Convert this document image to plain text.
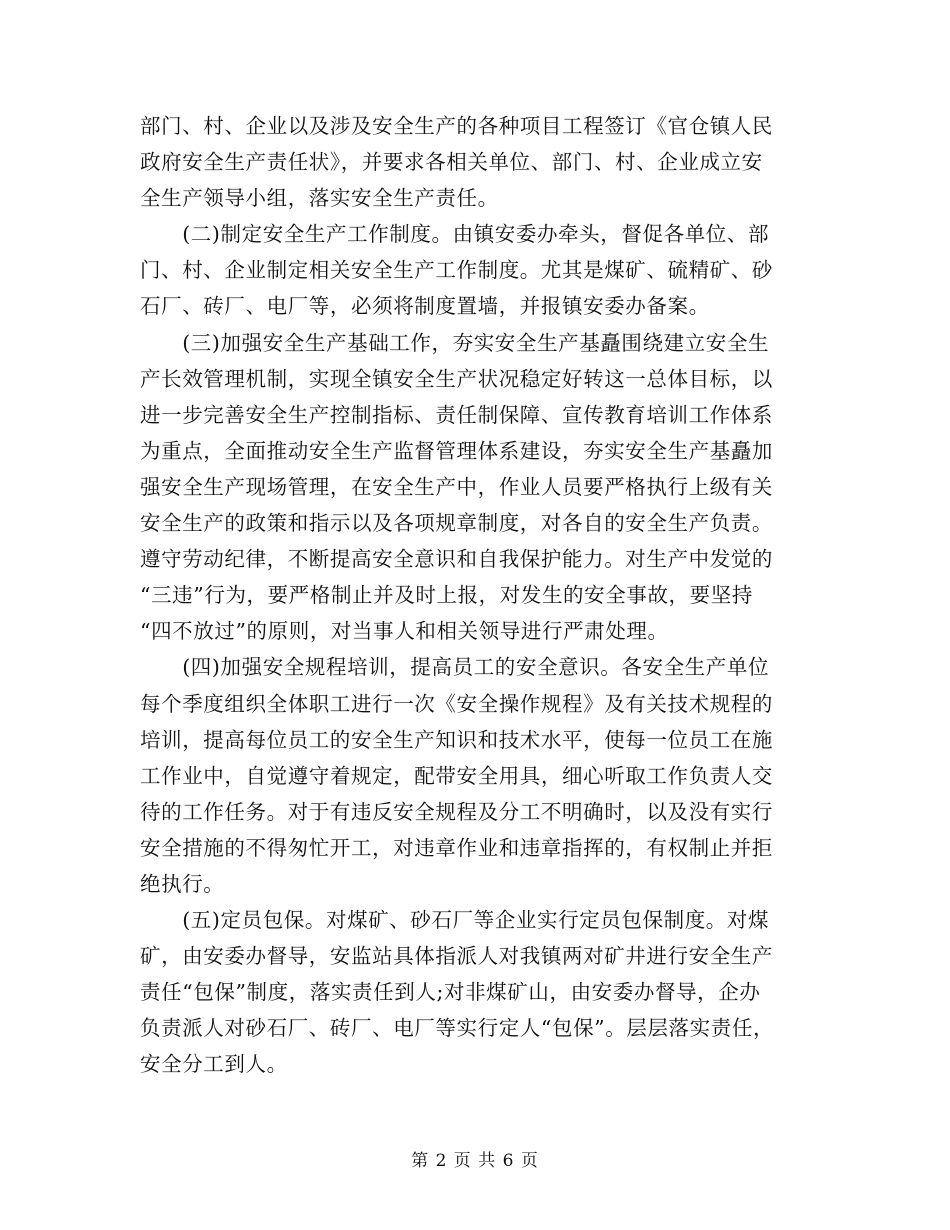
部门、村、企业以及涉及安全生产的各种项目工程签订《官仓镇人民
政府安全生产责任状》，并要求各相关单位、部门、村、企业成立安
全生产领导小组，落实安全生产责任。
　　(二)制定安全生产工作制度。由镇安委办牵头，督促各单位、部
门、村、企业制定相关安全生产工作制度。尤其是煤矿、硫精矿、砂
石厂、砖厂、电厂等，必须将制度置墙，并报镇安委办备案。
　　(三)加强安全生产基础工作，夯实安全生产基矗围绕建立安全生
产长效管理机制，实现全镇安全生产状况稳定好转这一总体目标，以
进一步完善安全生产控制指标、责任制保障、宣传教育培训工作体系
为重点，全面推动安全生产监督管理体系建设，夯实安全生产基矗加
强安全生产现场管理，在安全生产中，作业人员要严格执行上级有关
安全生产的政策和指示以及各项规章制度，对各自的安全生产负责。
遵守劳动纪律，不断提高安全意识和自我保护能力。对生产中发觉的
“三违”行为，要严格制止并及时上报，对发生的安全事故，要坚持
“四不放过”的原则，对当事人和相关领导进行严肃处理。
　　(四)加强安全规程培训，提高员工的安全意识。各安全生产单位
每个季度组织全体职工进行一次《安全操作规程》及有关技术规程的
培训，提高每位员工的安全生产知识和技术水平，使每一位员工在施
工作业中，自觉遵守着规定，配带安全用具，细心听取工作负责人交
待的工作任务。对于有违反安全规程及分工不明确时，以及没有实行
安全措施的不得匆忙开工，对违章作业和违章指挥的，有权制止并拒
绝执行。
　　(五)定员包保。对煤矿、砂石厂等企业实行定员包保制度。对煤
矿，由安委办督导，安监站具体指派人对我镇两对矿井进行安全生产
责任“包保”制度，落实责任到人;对非煤矿山，由安委办督导，企办
负责派人对砂石厂、砖厂、电厂等实行定人“包保”。层层落实责任，
安全分工到人。
第 2 页 共 6 页
